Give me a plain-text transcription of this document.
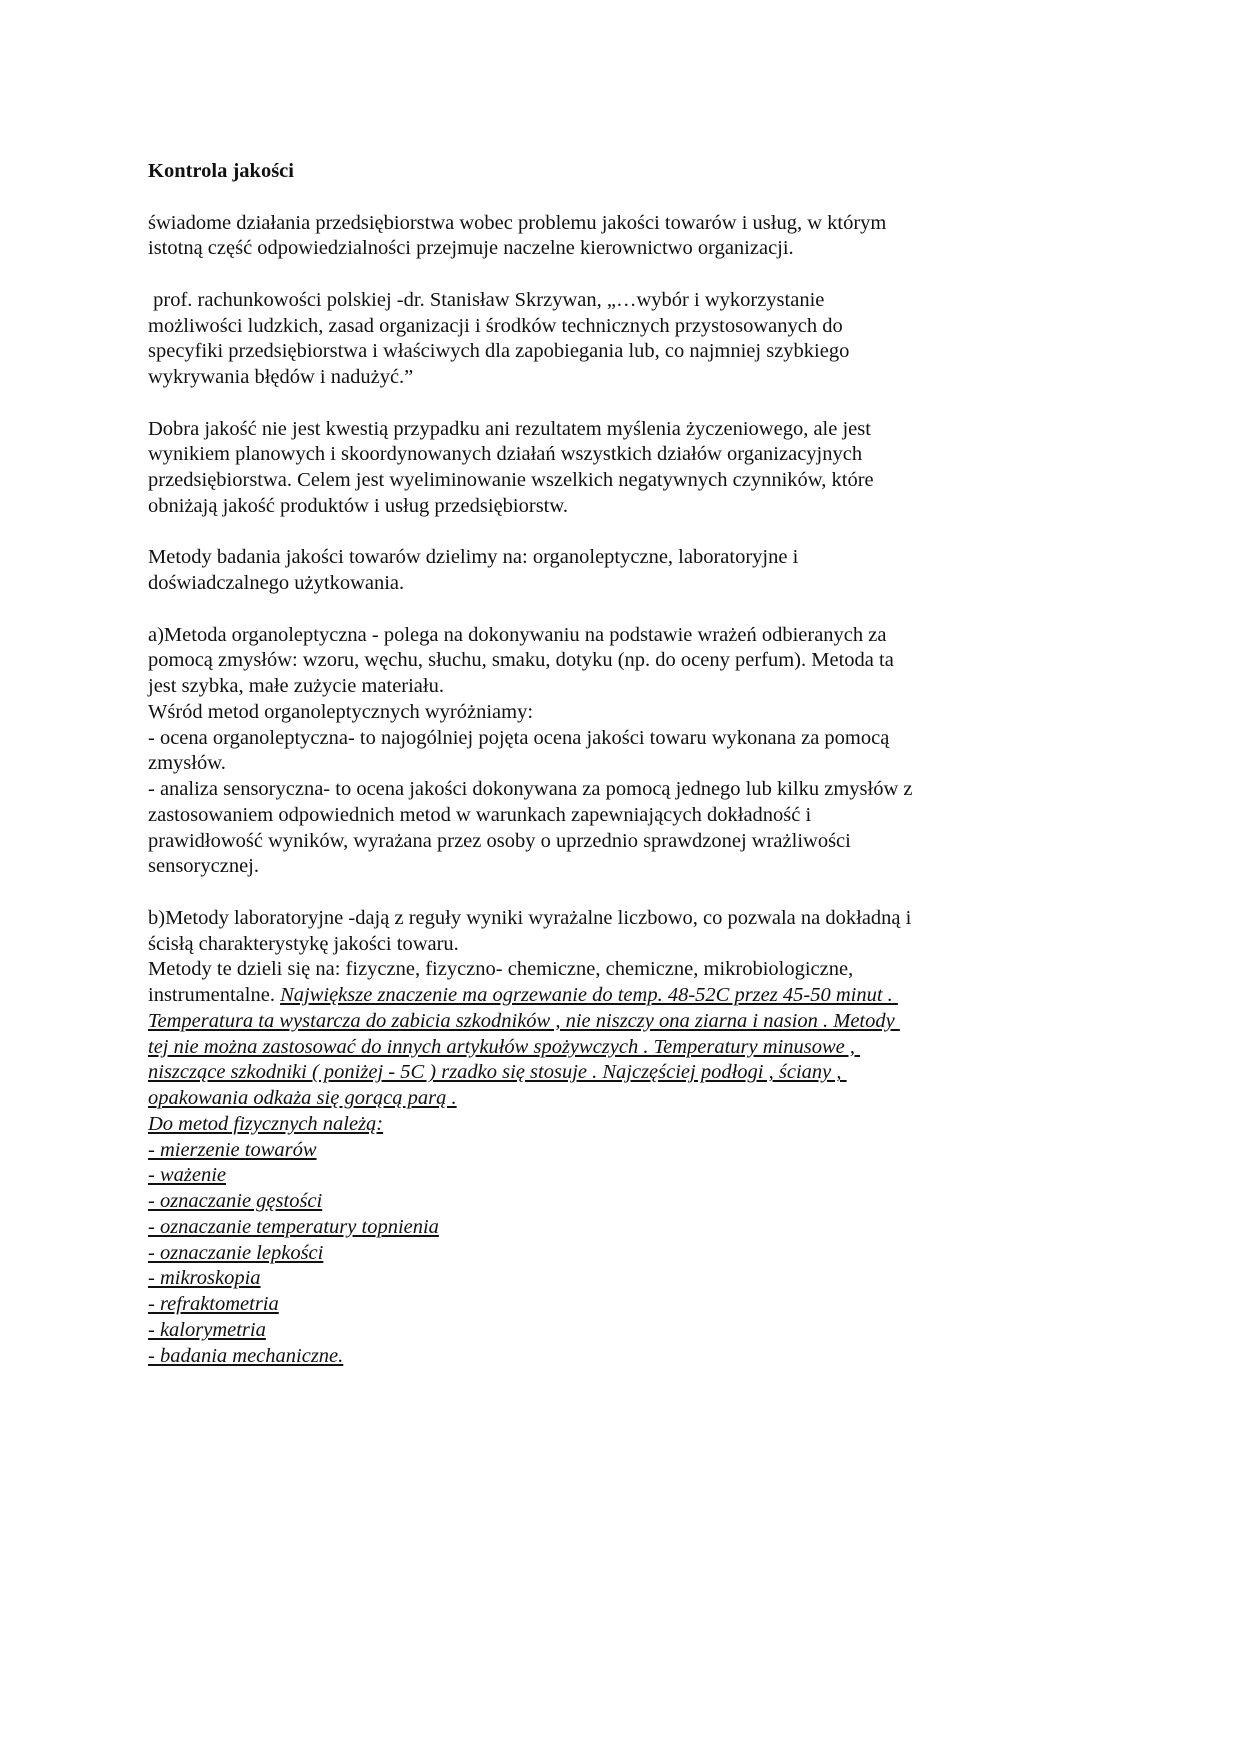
Kontrola jakości
świadome działania przedsiębiorstwa wobec problemu jakości towarów i usług, w którym
istotną część odpowiedzialności przejmuje naczelne kierownictwo organizacji.
prof. rachunkowości polskiej -dr. Stanisław Skrzywan, „…wybór i wykorzystanie
możliwości ludzkich, zasad organizacji i środków technicznych przystosowanych do
specyfiki przedsiębiorstwa i właściwych dla zapobiegania lub, co najmniej szybkiego
wykrywania błędów i nadużyć.”
Dobra jakość nie jest kwestią przypadku ani rezultatem myślenia życzeniowego, ale jest
wynikiem planowych i skoordynowanych działań wszystkich działów organizacyjnych
przedsiębiorstwa. Celem jest wyeliminowanie wszelkich negatywnych czynników, które
obniżają jakość produktów i usług przedsiębiorstw.
Metody badania jakości towarów dzielimy na: organoleptyczne, laboratoryjne i
doświadczalnego użytkowania.
a)Metoda organoleptyczna - polega na dokonywaniu na podstawie wrażeń odbieranych za
pomocą zmysłów: wzoru, węchu, słuchu, smaku, dotyku (np. do oceny perfum). Metoda ta
jest szybka, małe zużycie materiału.
Wśród metod organoleptycznych wyróżniamy:
- ocena organoleptyczna- to najogólniej pojęta ocena jakości towaru wykonana za pomocą
zmysłów.
- analiza sensoryczna- to ocena jakości dokonywana za pomocą jednego lub kilku zmysłów z
zastosowaniem odpowiednich metod w warunkach zapewniających dokładność i
prawidłowość wyników, wyrażana przez osoby o uprzednio sprawdzonej wrażliwości
sensorycznej.
b)Metody laboratoryjne -dają z reguły wyniki wyrażalne liczbowo, co pozwala na dokładną i
ścisłą charakterystykę jakości towaru.
Metody te dzieli się na: fizyczne, fizyczno- chemiczne, chemiczne, mikrobiologiczne,
instrumentalne. Największe znaczenie ma ogrzewanie do temp. 48-52C przez 45-50 minut .
Temperatura ta wystarcza do zabicia szkodników , nie niszczy ona ziarna i nasion . Metody
tej nie można zastosować do innych artykułów spożywczych . Temperatury minusowe ,
niszczące szkodniki ( poniżej - 5C ) rzadko się stosuje . Najczęściej podłogi , ściany ,
opakowania odkaża się gorącą parą .
Do metod fizycznych należą:
- mierzenie towarów
- ważenie
- oznaczanie gęstości
- oznaczanie temperatury topnienia
- oznaczanie lepkości
- mikroskopia
- refraktometria
- kalorymetria
- badania mechaniczne.
